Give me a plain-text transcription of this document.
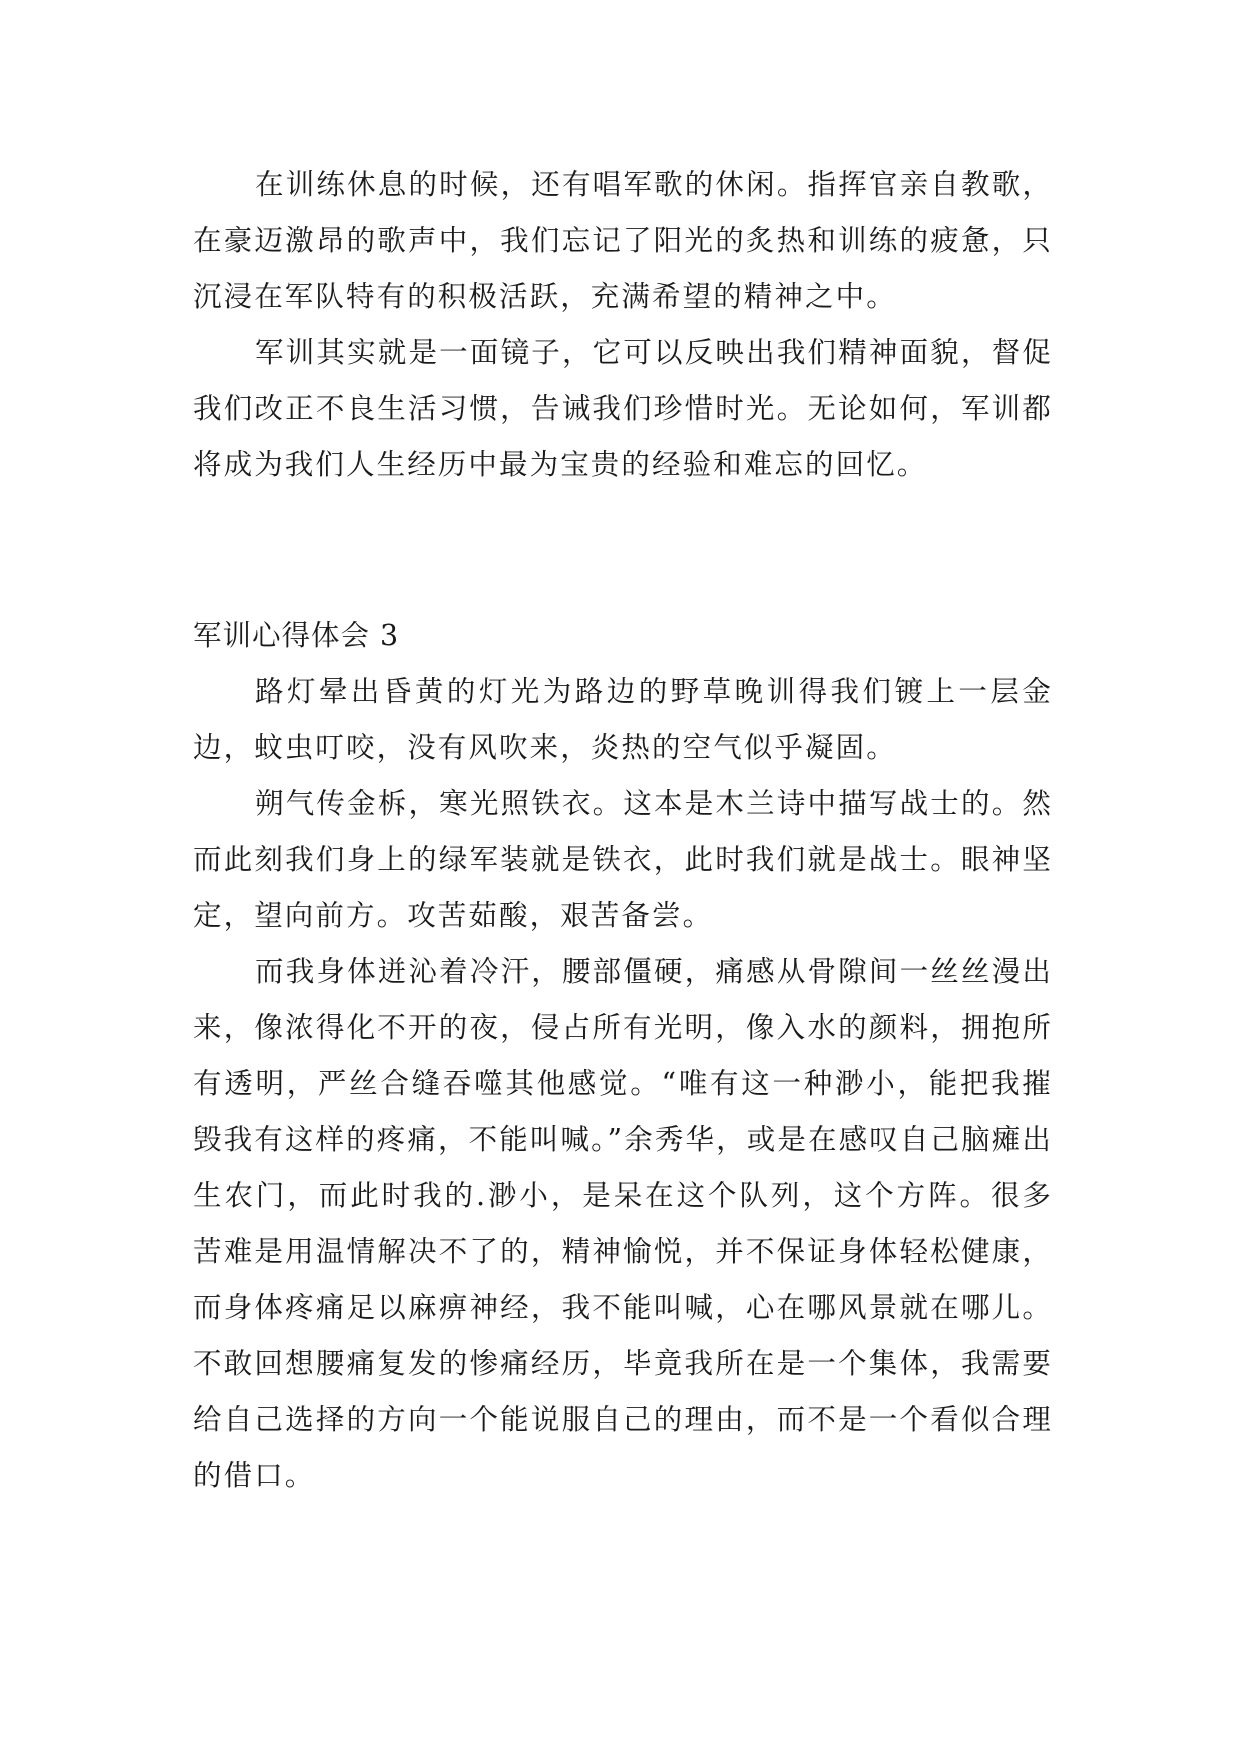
在训练休息的时候，还有唱军歌的休闲。指挥官亲自教歌，在豪迈激昂的歌声中，我们忘记了阳光的炙热和训练的疲惫，只沉浸在军队特有的积极活跃，充满希望的精神之中。

军训其实就是一面镜子，它可以反映出我们精神面貌，督促我们改正不良生活习惯，告诫我们珍惜时光。无论如何，军训都将成为我们人生经历中最为宝贵的经验和难忘的回忆。

军训心得体会 3

路灯晕出昏黄的灯光为路边的野草晚训得我们镀上一层金边，蚊虫叮咬，没有风吹来，炎热的空气似乎凝固。

朔气传金柝，寒光照铁衣。这本是木兰诗中描写战士的。然而此刻我们身上的绿军装就是铁衣，此时我们就是战士。眼神坚定，望向前方。攻苦茹酸，艰苦备尝。

而我身体迸沁着冷汗，腰部僵硬，痛感从骨隙间一丝丝漫出来，像浓得化不开的夜，侵占所有光明，像入水的颜料，拥抱所有透明，严丝合缝吞噬其他感觉。“唯有这一种渺小，能把我摧毁我有这样的疼痛，不能叫喊。”余秀华，或是在感叹自己脑瘫出生农门，而此时我的.渺小，是呆在这个队列，这个方阵。很多苦难是用温情解决不了的，精神愉悦，并不保证身体轻松健康，而身体疼痛足以麻痹神经，我不能叫喊，心在哪风景就在哪儿。不敢回想腰痛复发的惨痛经历，毕竟我所在是一个集体，我需要给自己选择的方向一个能说服自己的理由，而不是一个看似合理的借口。
